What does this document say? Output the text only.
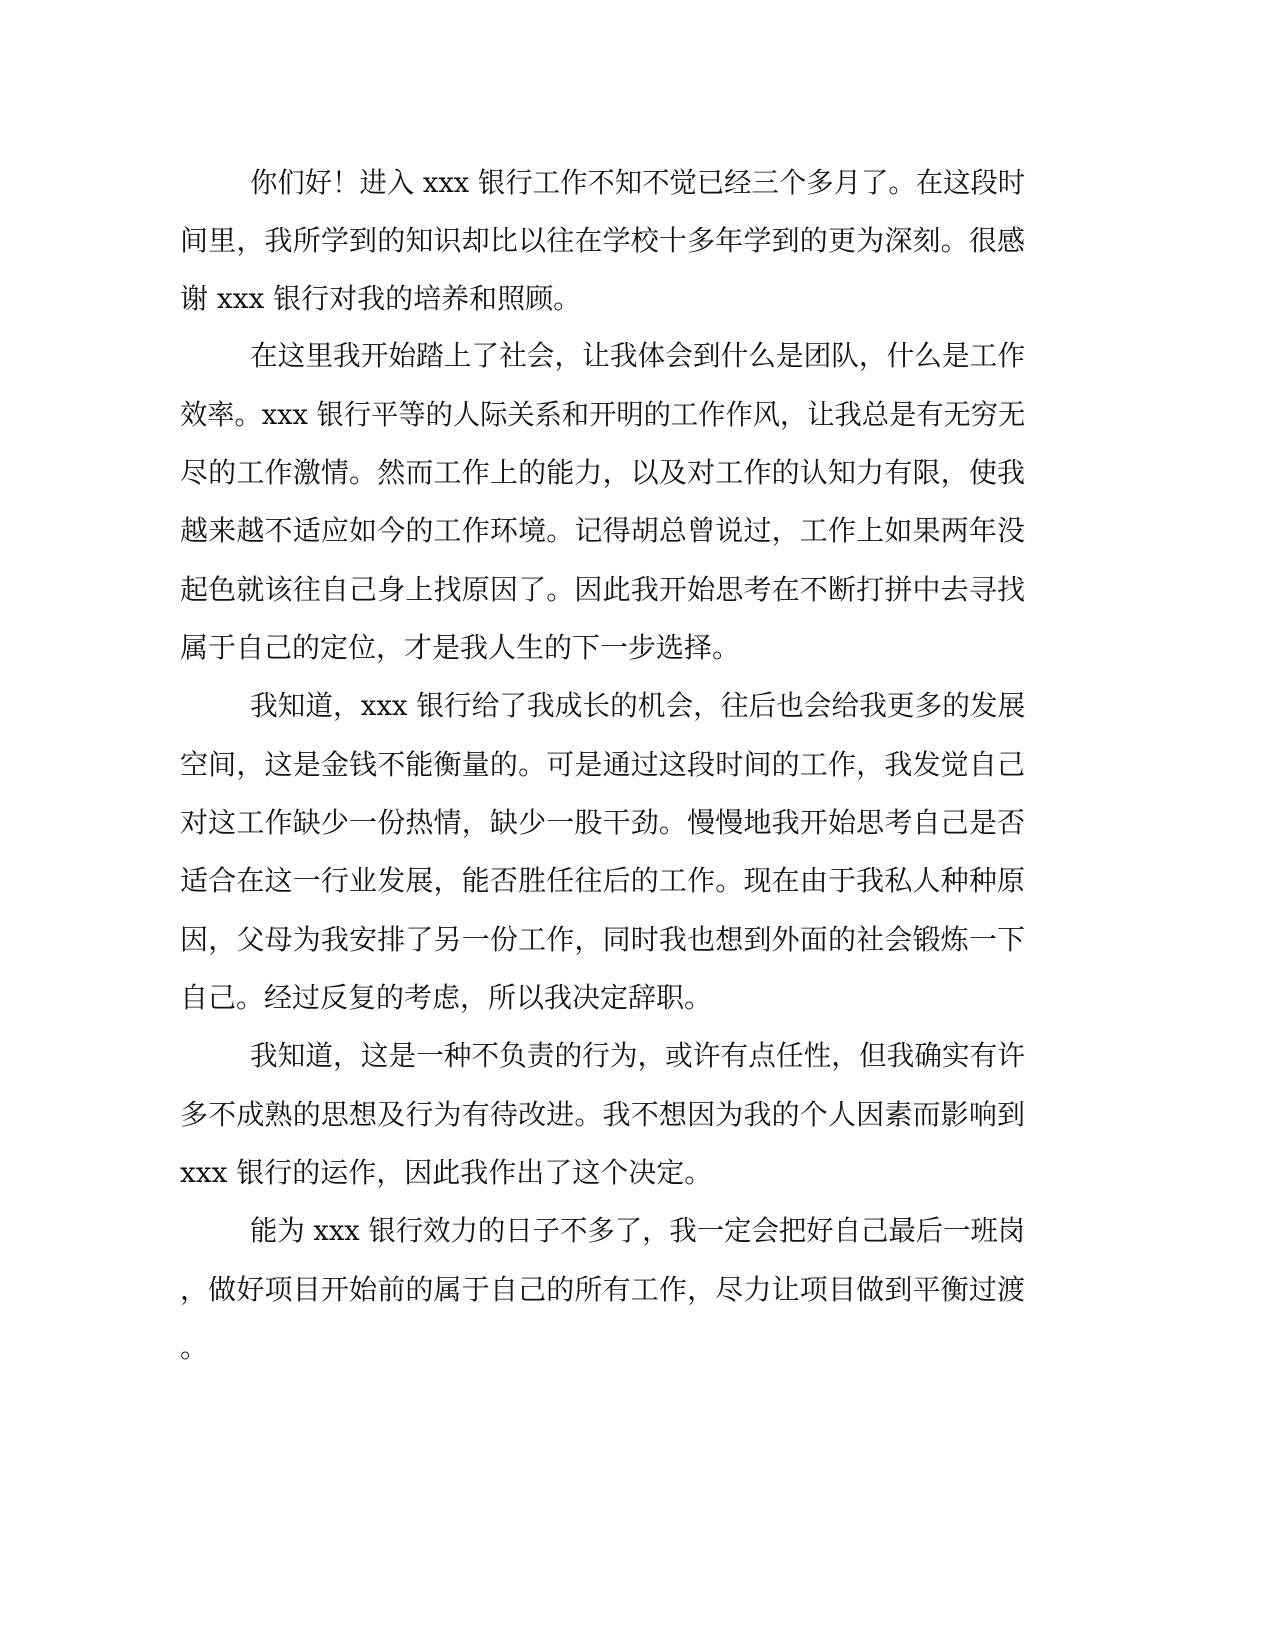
你们好！进入 xxx 银行工作不知不觉已经三个多月了。在这段时
间里，我所学到的知识却比以往在学校十多年学到的更为深刻。很感
谢 xxx 银行对我的培养和照顾。
在这里我开始踏上了社会，让我体会到什么是团队，什么是工作
效率。xxx 银行平等的人际关系和开明的工作作风，让我总是有无穷无
尽的工作激情。然而工作上的能力，以及对工作的认知力有限，使我
越来越不适应如今的工作环境。记得胡总曾说过，工作上如果两年没
起色就该往自己身上找原因了。因此我开始思考在不断打拼中去寻找
属于自己的定位，才是我人生的下一步选择。
我知道，xxx 银行给了我成长的机会，往后也会给我更多的发展
空间，这是金钱不能衡量的。可是通过这段时间的工作，我发觉自己
对这工作缺少一份热情，缺少一股干劲。慢慢地我开始思考自己是否
适合在这一行业发展，能否胜任往后的工作。现在由于我私人种种原
因，父母为我安排了另一份工作，同时我也想到外面的社会锻炼一下
自己。经过反复的考虑，所以我决定辞职。
我知道，这是一种不负责的行为，或许有点任性，但我确实有许
多不成熟的思想及行为有待改进。我不想因为我的个人因素而影响到
xxx 银行的运作，因此我作出了这个决定。
能为 xxx 银行效力的日子不多了，我一定会把好自己最后一班岗
，做好项目开始前的属于自己的所有工作，尽力让项目做到平衡过渡
。
